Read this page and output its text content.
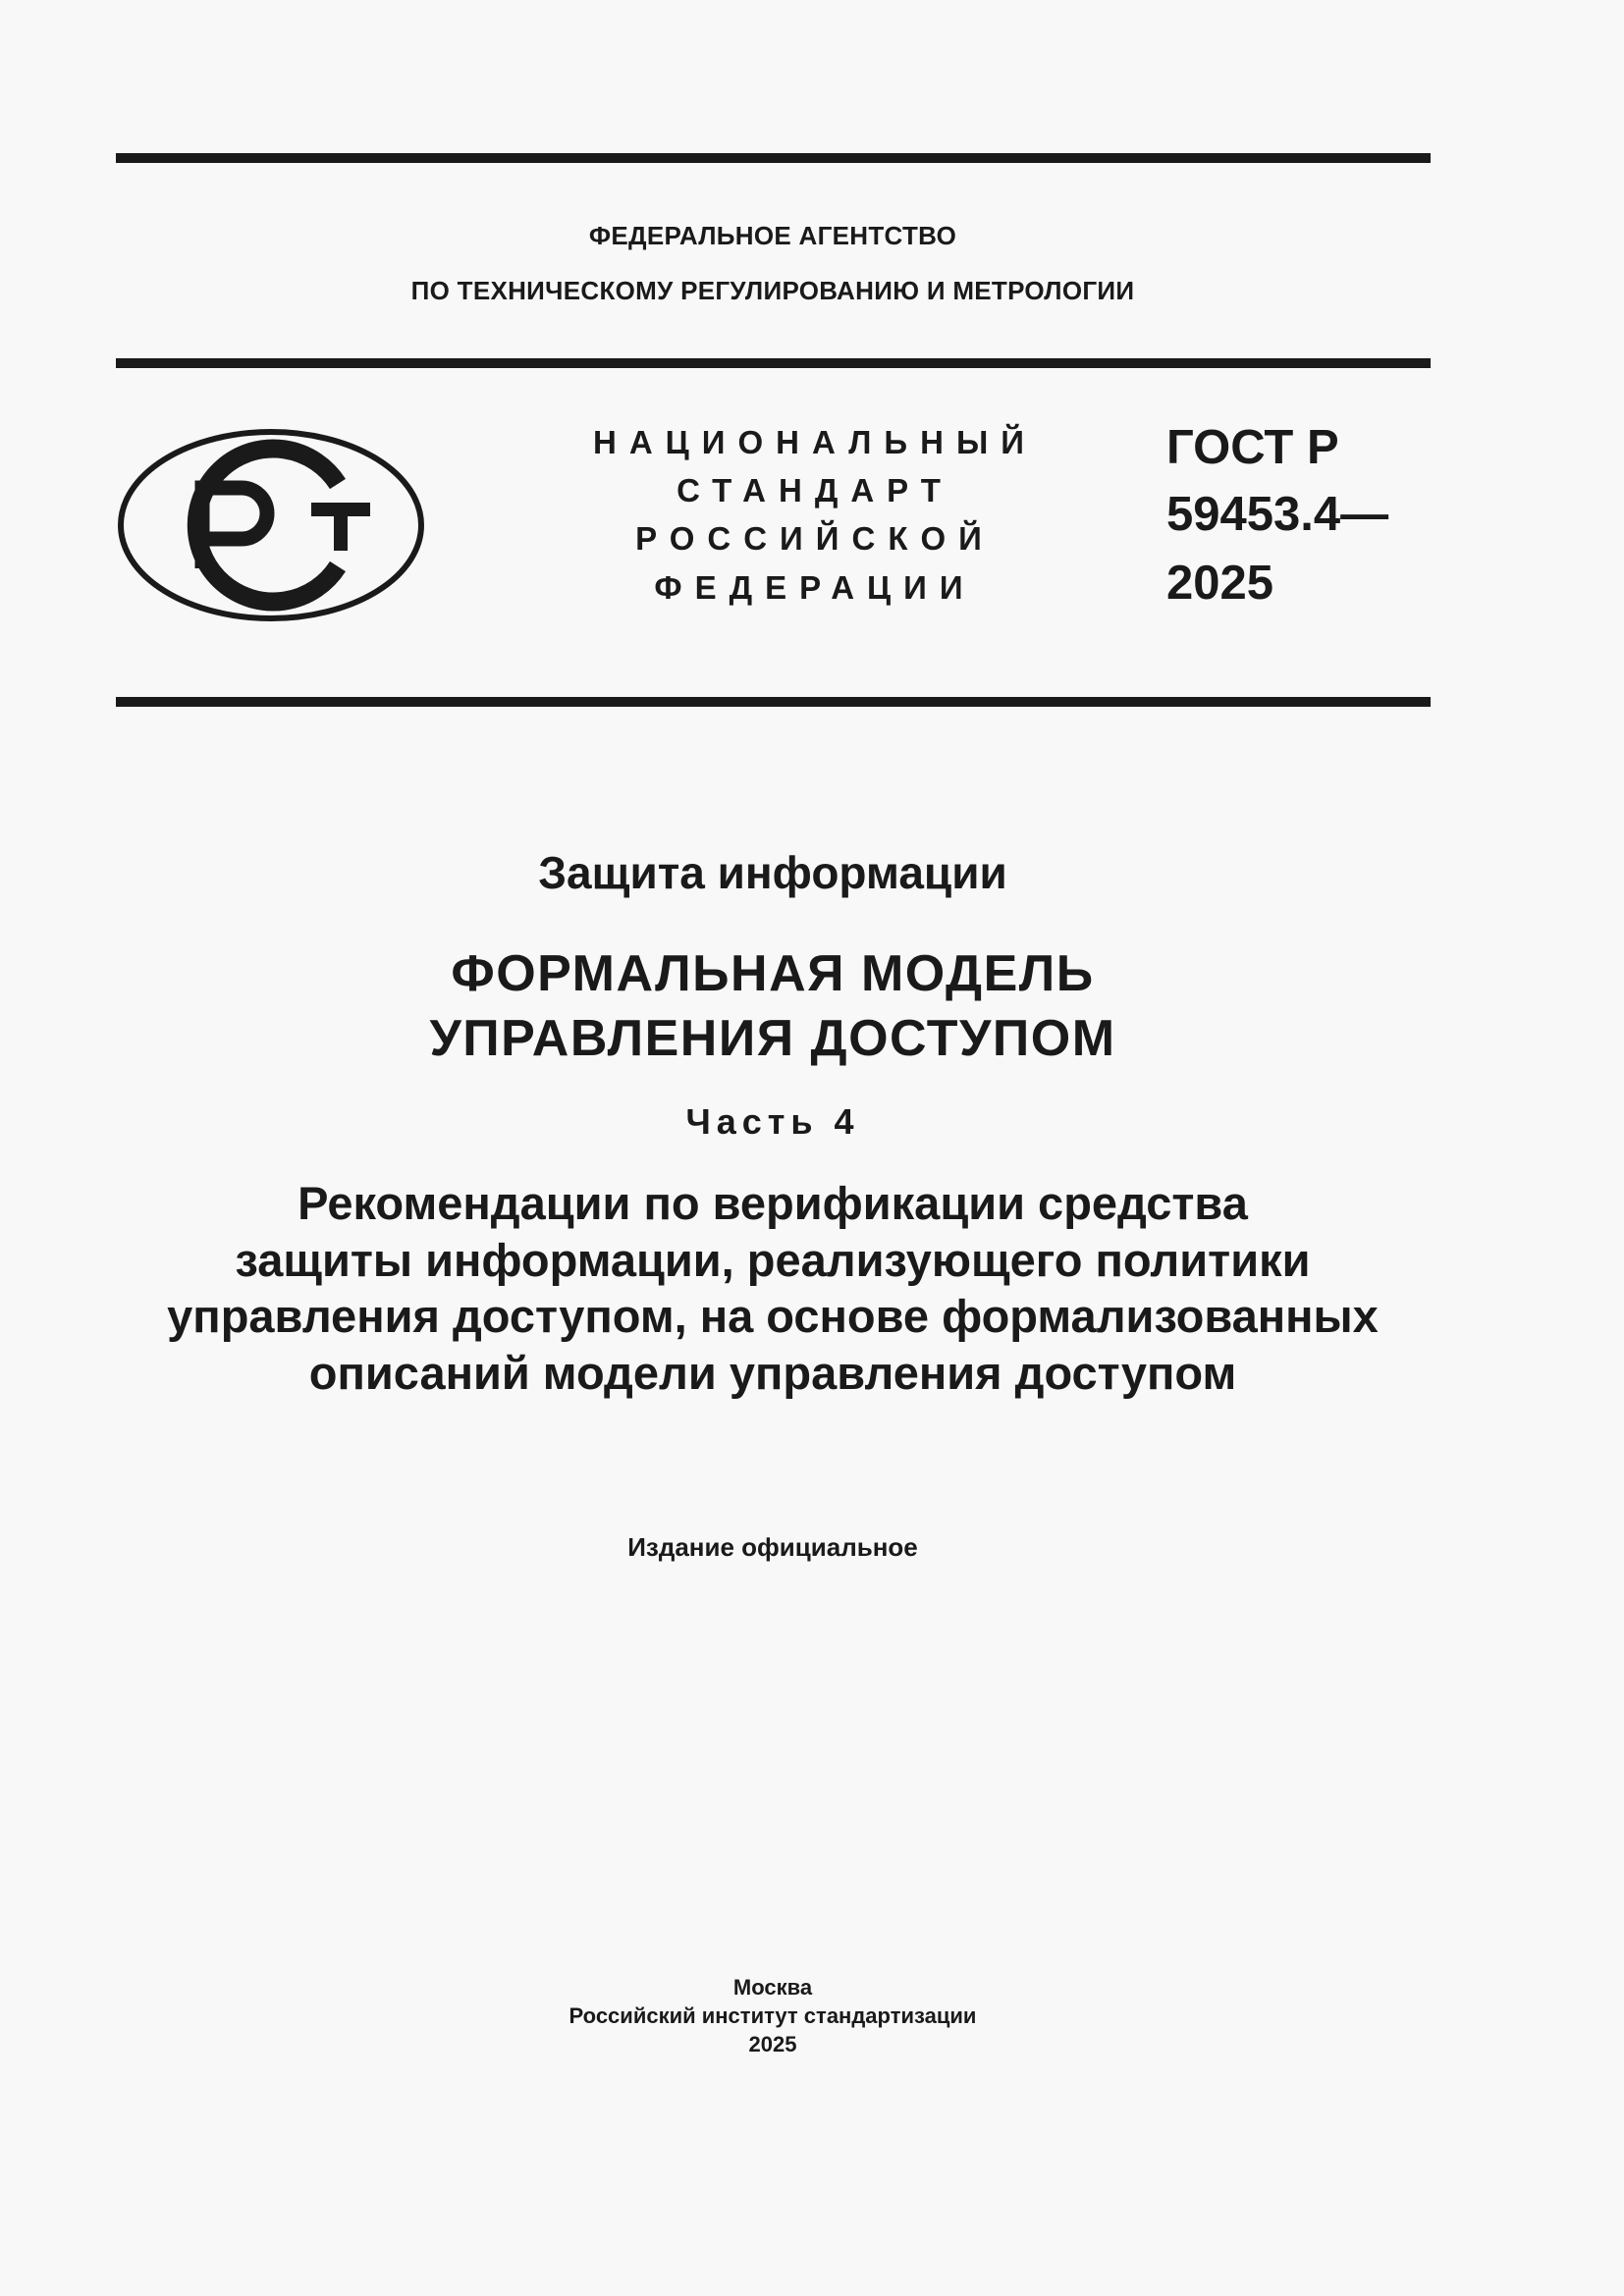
ФЕДЕРАЛЬНОЕ АГЕНТСТВО
ПО ТЕХНИЧЕСКОМУ РЕГУЛИРОВАНИЮ И МЕТРОЛОГИИ
НАЦИОНАЛЬНЫЙ
СТАНДАРТ
РОССИЙСКОЙ
ФЕДЕРАЦИИ
ГОСТ Р
59453.4—
2025
Защита информации
ФОРМАЛЬНАЯ МОДЕЛЬ
УПРАВЛЕНИЯ ДОСТУПОМ
Часть 4
Рекомендации по верификации средства
защиты информации, реализующего политики
управления доступом, на основе формализованных
описаний модели управления доступом
Издание официальное
Москва
Российский институт стандартизации
2025
